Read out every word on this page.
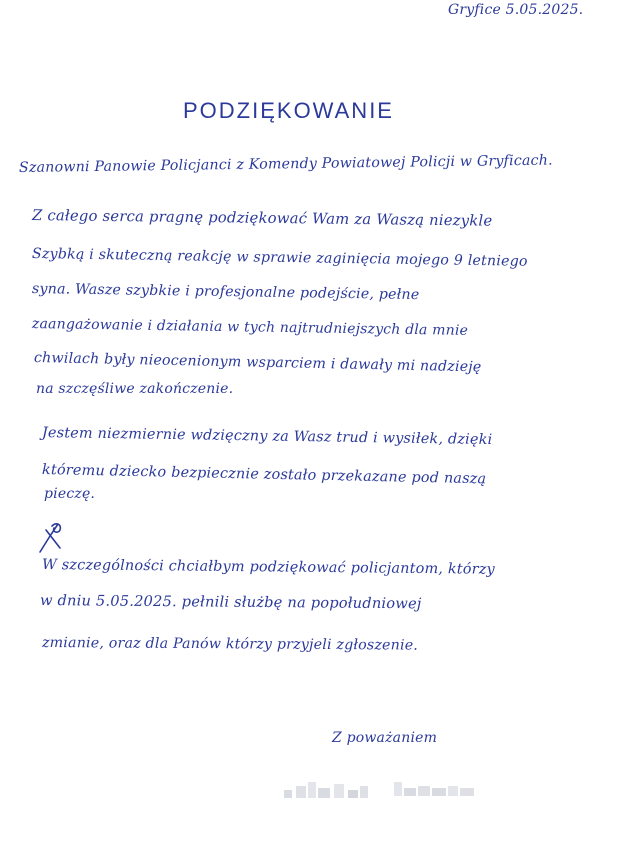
Gryfice 5.05.2025.
PODZIĘKOWANIE
Szanowni Panowie Policjanci z Komendy Powiatowej Policji w Gryficach.
Z całego serca pragnę podziękować Wam za Waszą niezykle
Szybką i skuteczną reakcję w sprawie zaginięcia mojego 9 letniego
syna. Wasze szybkie i profesjonalne podejście, pełne
zaangażowanie i działania w tych najtrudniejszych dla mnie
chwilach były nieocenionym wsparciem i dawały mi nadzieję
na szczęśliwe zakończenie.
Jestem niezmiernie wdzięczny za Wasz trud i wysiłek, dzięki
któremu dziecko bezpiecznie zostało przekazane pod naszą
pieczę.
W szczególności chciałbym podziękować policjantom, którzy
w dniu 5.05.2025. pełnili służbę na popołudniowej
zmianie, oraz dla Panów którzy przyjeli zgłoszenie.
Z poważaniem
